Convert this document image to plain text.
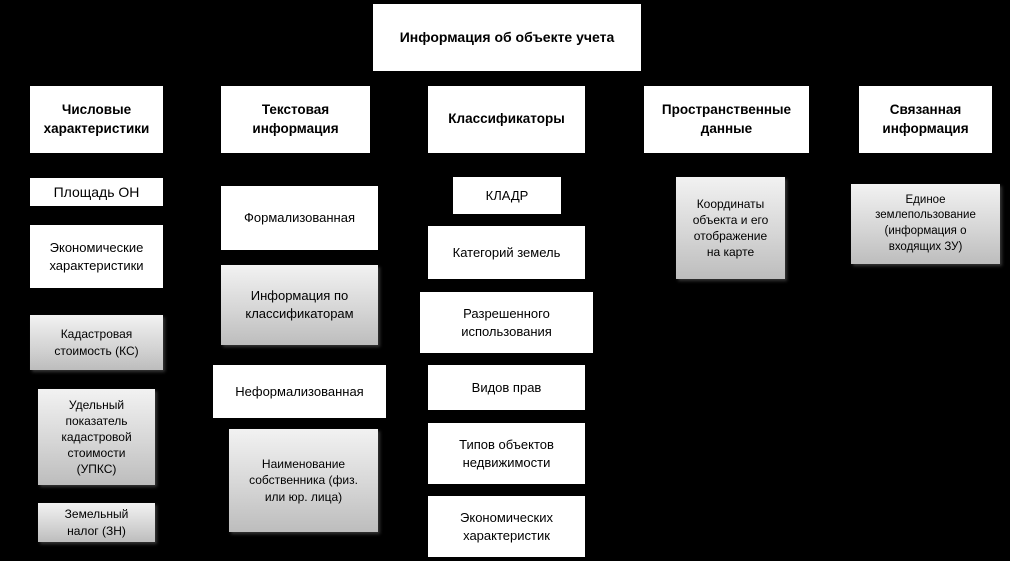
Информация об объекте учета
Числовые
характеристики
Текстовая
информация
Классификаторы
Пространственные
данные
Связанная
информация
Площадь ОН
Экономические
характеристики
Кадастровая
стоимость (КС)
Удельный
показатель
кадастровой
стоимости
(УПКС)
Земельный
налог (ЗН)
Формализованная
Информация по
классификаторам
Неформализованная
Наименование
собственника (физ.
или юр. лица)
КЛАДР
Категорий земель
Разрешенного
использования
Видов прав
Типов объектов
недвижимости
Экономических
характеристик
Координаты
объекта и его
отображение
на карте
Единое
землепользование
(информация о
входящих ЗУ)
